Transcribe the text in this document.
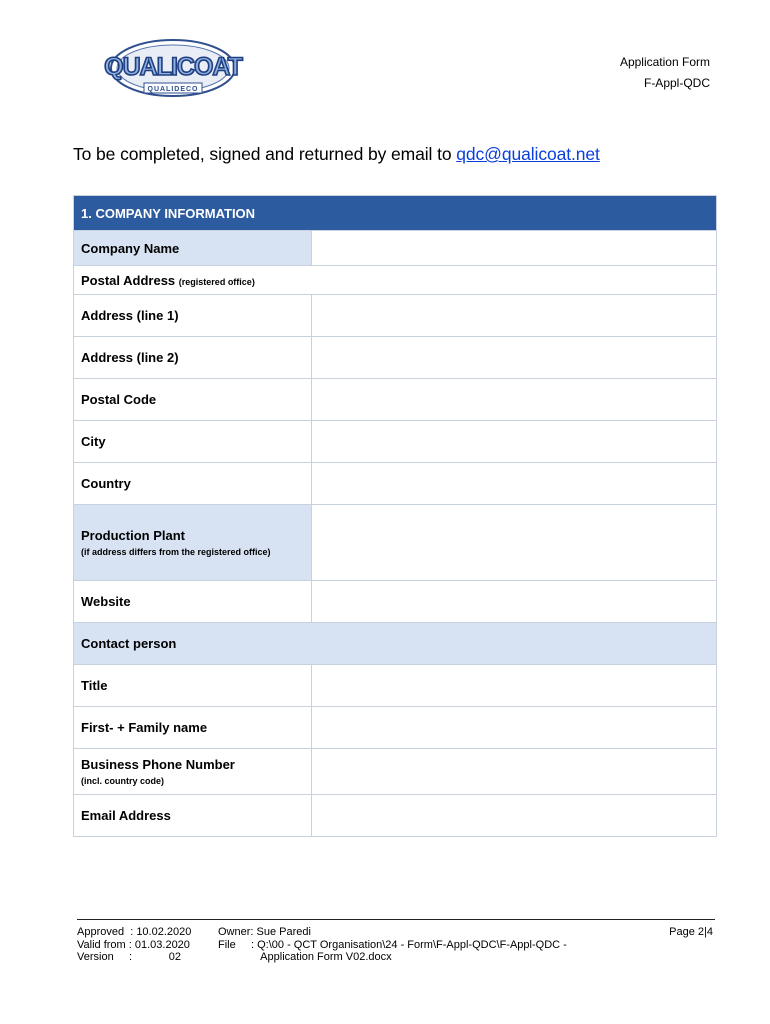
QUALICOAT
QUALIDECO
Application Form
F-Appl-QDC
To be completed, signed and returned by email to qdc@qualicoat.net
1. COMPANY INFORMATION	
Company Name	
Postal Address (registered office)	
Address (line 1)	
Address (line 2)	
Postal Code	
City	
Country	
Production Plant
(if address differs from the registered office)	

Website	
Contact person	
Title	
First- + Family name	
Business Phone Number
(incl. country code)	

Email Address	
Approved  : 10.02.2020
Valid from : 01.03.2020
Version     :            02
Owner: Sue Paredi
File     : Q:\00 - QCT Organisation\24 - Form\F-Appl-QDC\F-Appl-QDC -
Application Form V02.docx
Page 2|4
